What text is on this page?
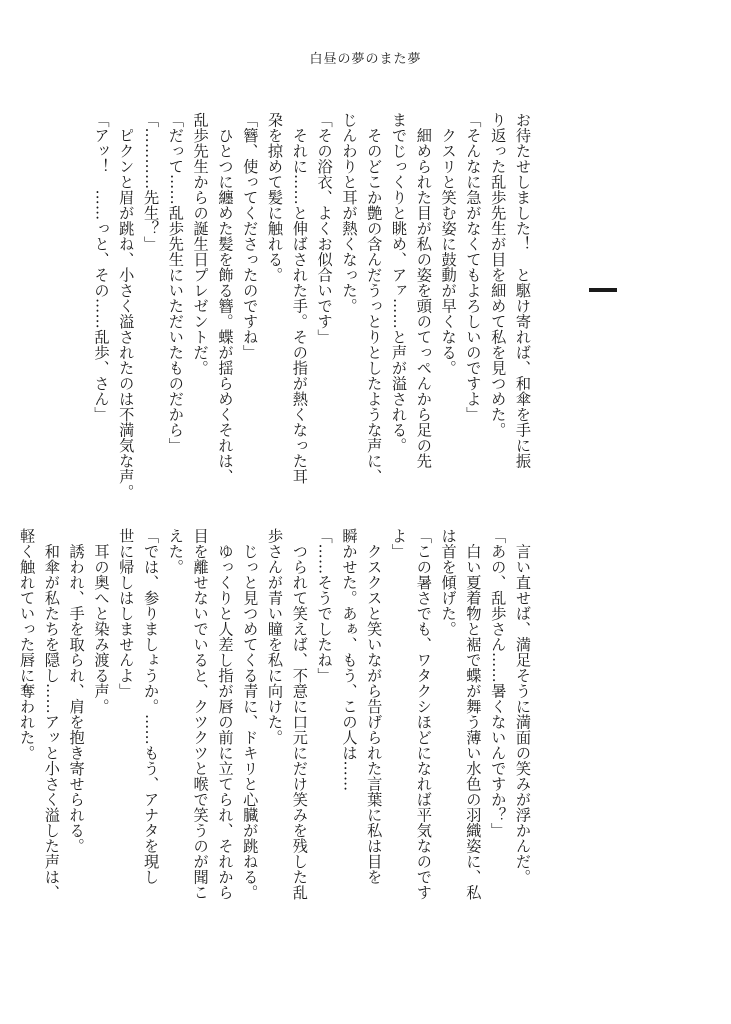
白昼の夢のまた夢

お待たせしました！　と駆け寄れば、和傘を手に振

り返った乱歩先生が目を細めて私を見つめた。

「そんなに急がなくてもよろしいのですよ」

　クスリと笑む姿に鼓動が早くなる。

　細められた目が私の姿を頭のてっぺんから足の先

までじっくりと眺め、アァ……と声が溢される。

　そのどこか艶の含んだうっとりとしたような声に、

じんわりと耳が熱くなった。

「その浴衣、よくお似合いです」

　それに……と伸ばされた手。その指が熱くなった耳

朶を掠めて髪に触れる。

「簪、使ってくださったのですね」

　ひとつに纏めた髪を飾る簪。蝶が揺らめくそれは、

乱歩先生からの誕生日プレゼントだ。

「だって……乱歩先生にいただいたものだから」

「…………先生？」

　ピクンと眉が跳ね、小さく溢されたのは不満気な声。

「アッ！　……っと、その……乱歩、さん」

　言い直せば、満足そうに満面の笑みが浮かんだ。

「あの、乱歩さん……暑くないんですか？」

　白い夏着物と裾で蝶が舞う薄い水色の羽織姿に、私

は首を傾げた。

「この暑さでも、ワタクシほどになれば平気なのです

よ」

　クスクスと笑いながら告げられた言葉に私は目を

瞬かせた。あぁ、もう、この人は……

「……そうでしたね」

　つられて笑えば、不意に口元にだけ笑みを残した乱

歩さんが青い瞳を私に向けた。

　じっと見つめてくる青に、ドキリと心臓が跳ねる。

　ゆっくりと人差し指が唇の前に立てられ、それから

目を離せないでいると、クツクツと喉で笑うのが聞こ

えた。

「では、参りましょうか。……もう、アナタを現し

世に帰しはしませんよ」

　耳の奥へと染み渡る声。

　誘われ、手を取られ、肩を抱き寄せられる。

　和傘が私たちを隠し……アッと小さく溢した声は、

軽く触れていった唇に奪われた。
